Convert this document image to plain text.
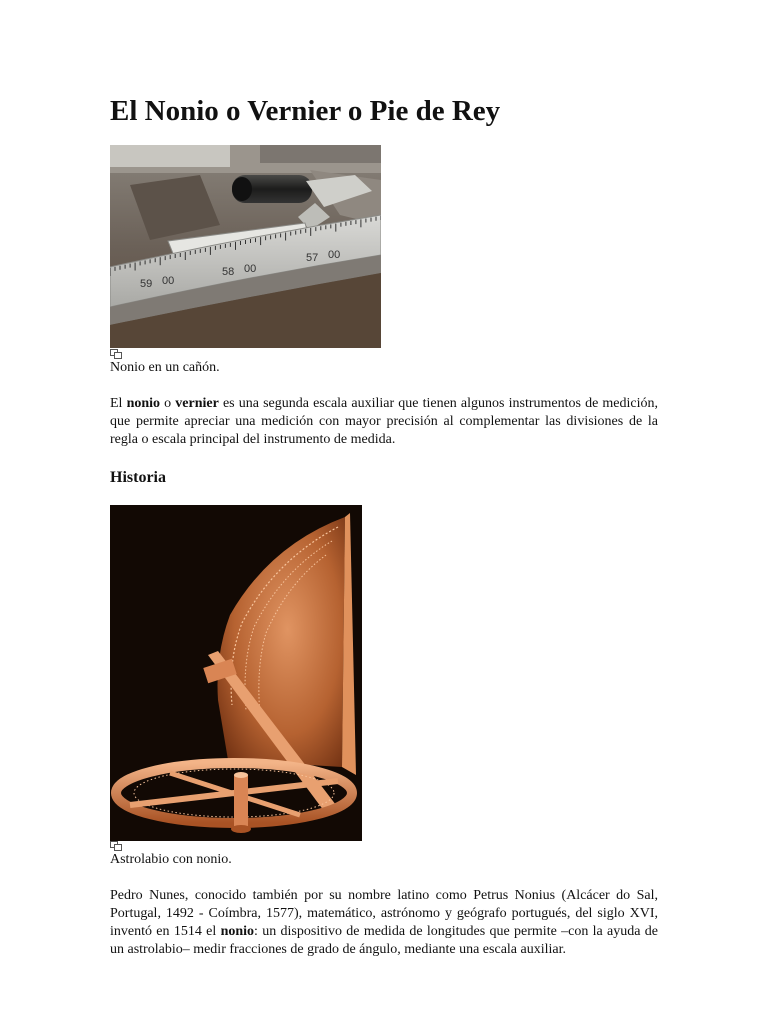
El Nonio o Vernier o Pie de Rey
59 00
58 00
57 00
Nonio en un cañón.

El nonio o vernier es una segunda escala auxiliar que tienen algunos instrumentos de medición, que permite apreciar una medición con mayor precisión al complementar las divisiones de la regla o escala principal del instrumento de medida.

Historia
Astrolabio con nonio.

Pedro Nunes, conocido también por su nombre latino como Petrus Nonius (Alcácer do Sal, Portugal, 1492 - Coímbra, 1577), matemático, astrónomo y geógrafo portugués, del siglo XVI, inventó en 1514 el nonio: un dispositivo de medida de longitudes que permite –con la ayuda de un astrolabio– medir fracciones de grado de ángulo, mediante una escala auxiliar.
